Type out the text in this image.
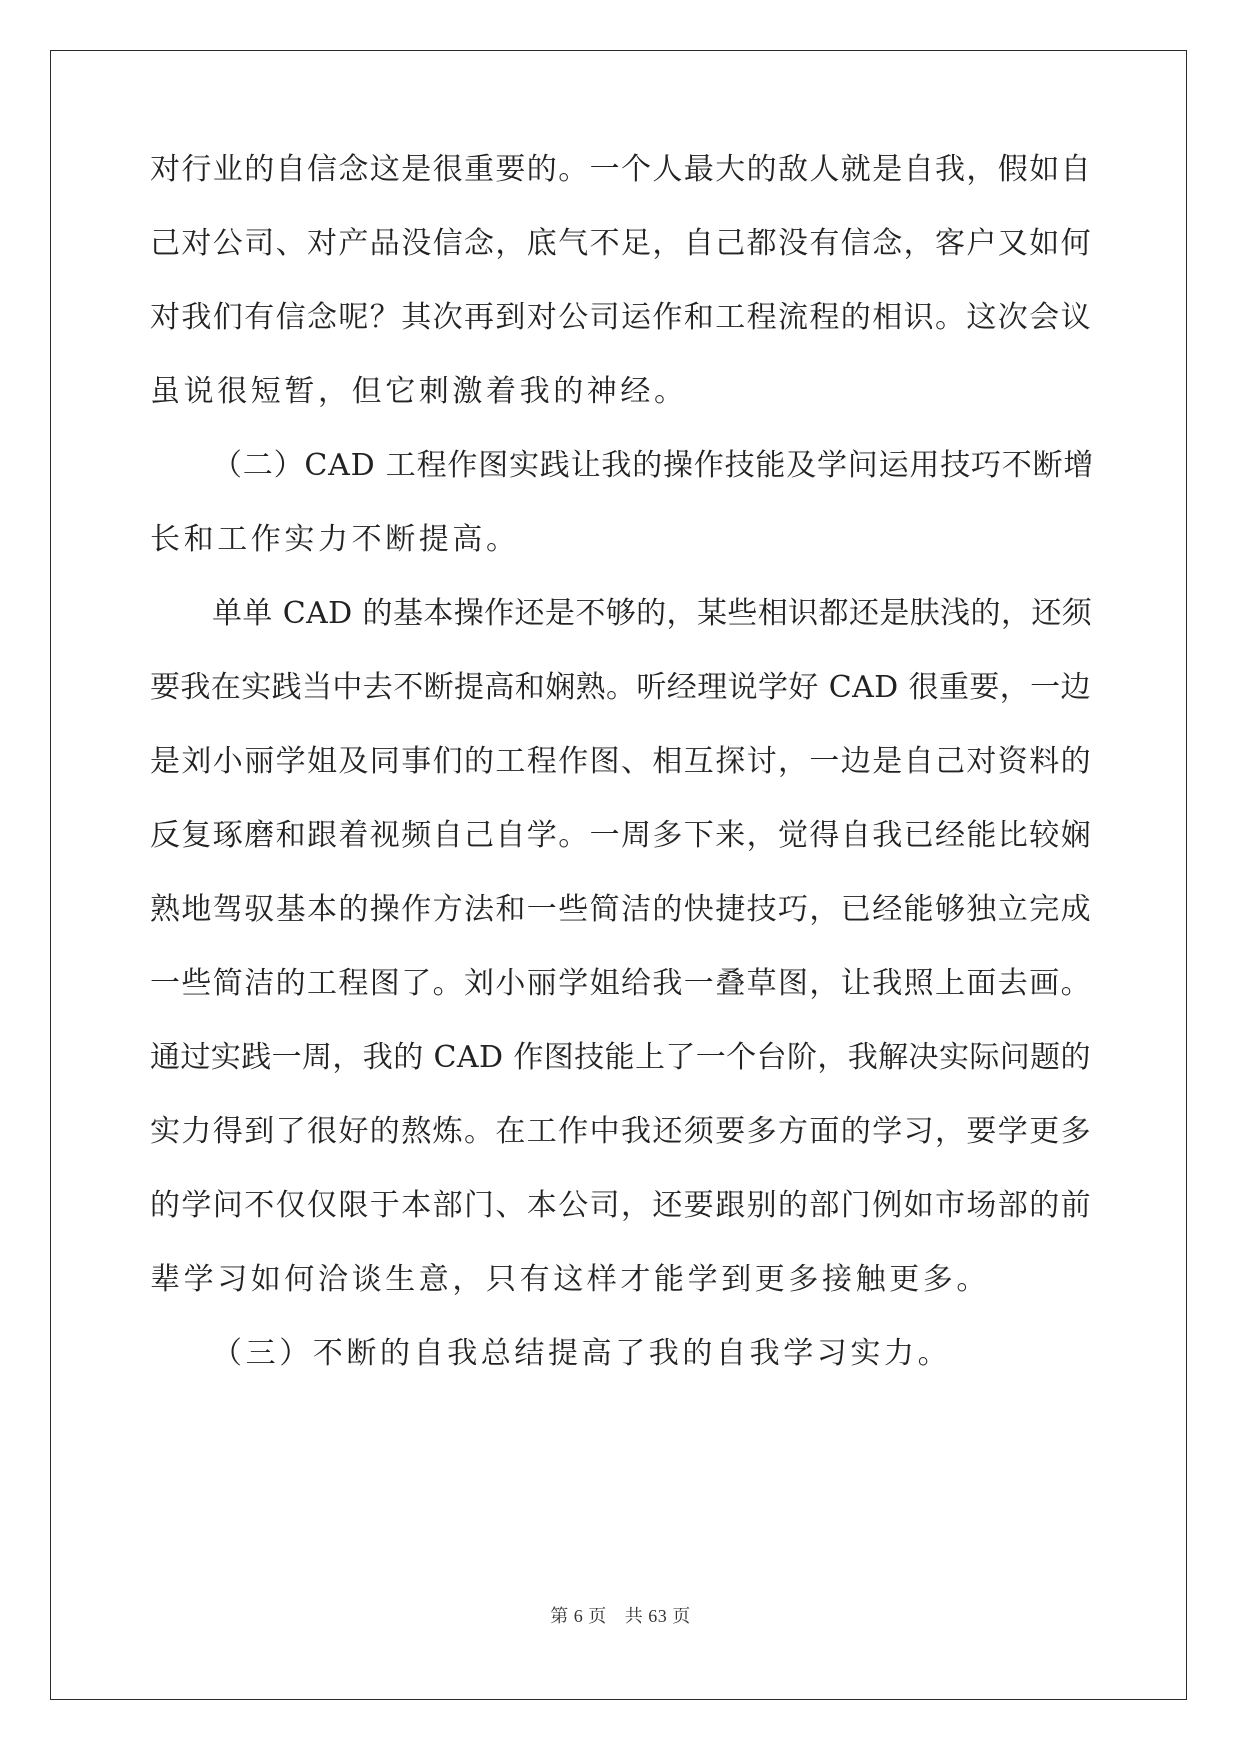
对行业的自信念这是很重要的。一个人最大的敌人就是自我，假如自

己对公司、对产品没信念，底气不足，自己都没有信念，客户又如何

对我们有信念呢？其次再到对公司运作和工程流程的相识。这次会议

虽说很短暂，但它刺激着我的神经。

（二）CAD 工程作图实践让我的操作技能及学问运用技巧不断增

长和工作实力不断提高。

单单 CAD 的基本操作还是不够的，某些相识都还是肤浅的，还须

要我在实践当中去不断提高和娴熟。听经理说学好 CAD 很重要，一边

是刘小丽学姐及同事们的工程作图、相互探讨，一边是自己对资料的

反复琢磨和跟着视频自己自学。一周多下来，觉得自我已经能比较娴

熟地驾驭基本的操作方法和一些简洁的快捷技巧，已经能够独立完成

一些简洁的工程图了。刘小丽学姐给我一叠草图，让我照上面去画。

通过实践一周，我的 CAD 作图技能上了一个台阶，我解决实际问题的

实力得到了很好的熬炼。在工作中我还须要多方面的学习，要学更多

的学问不仅仅限于本部门、本公司，还要跟别的部门例如市场部的前

辈学习如何洽谈生意，只有这样才能学到更多接触更多。

（三）不断的自我总结提高了我的自我学习实力。

第 6 页 共 63 页
